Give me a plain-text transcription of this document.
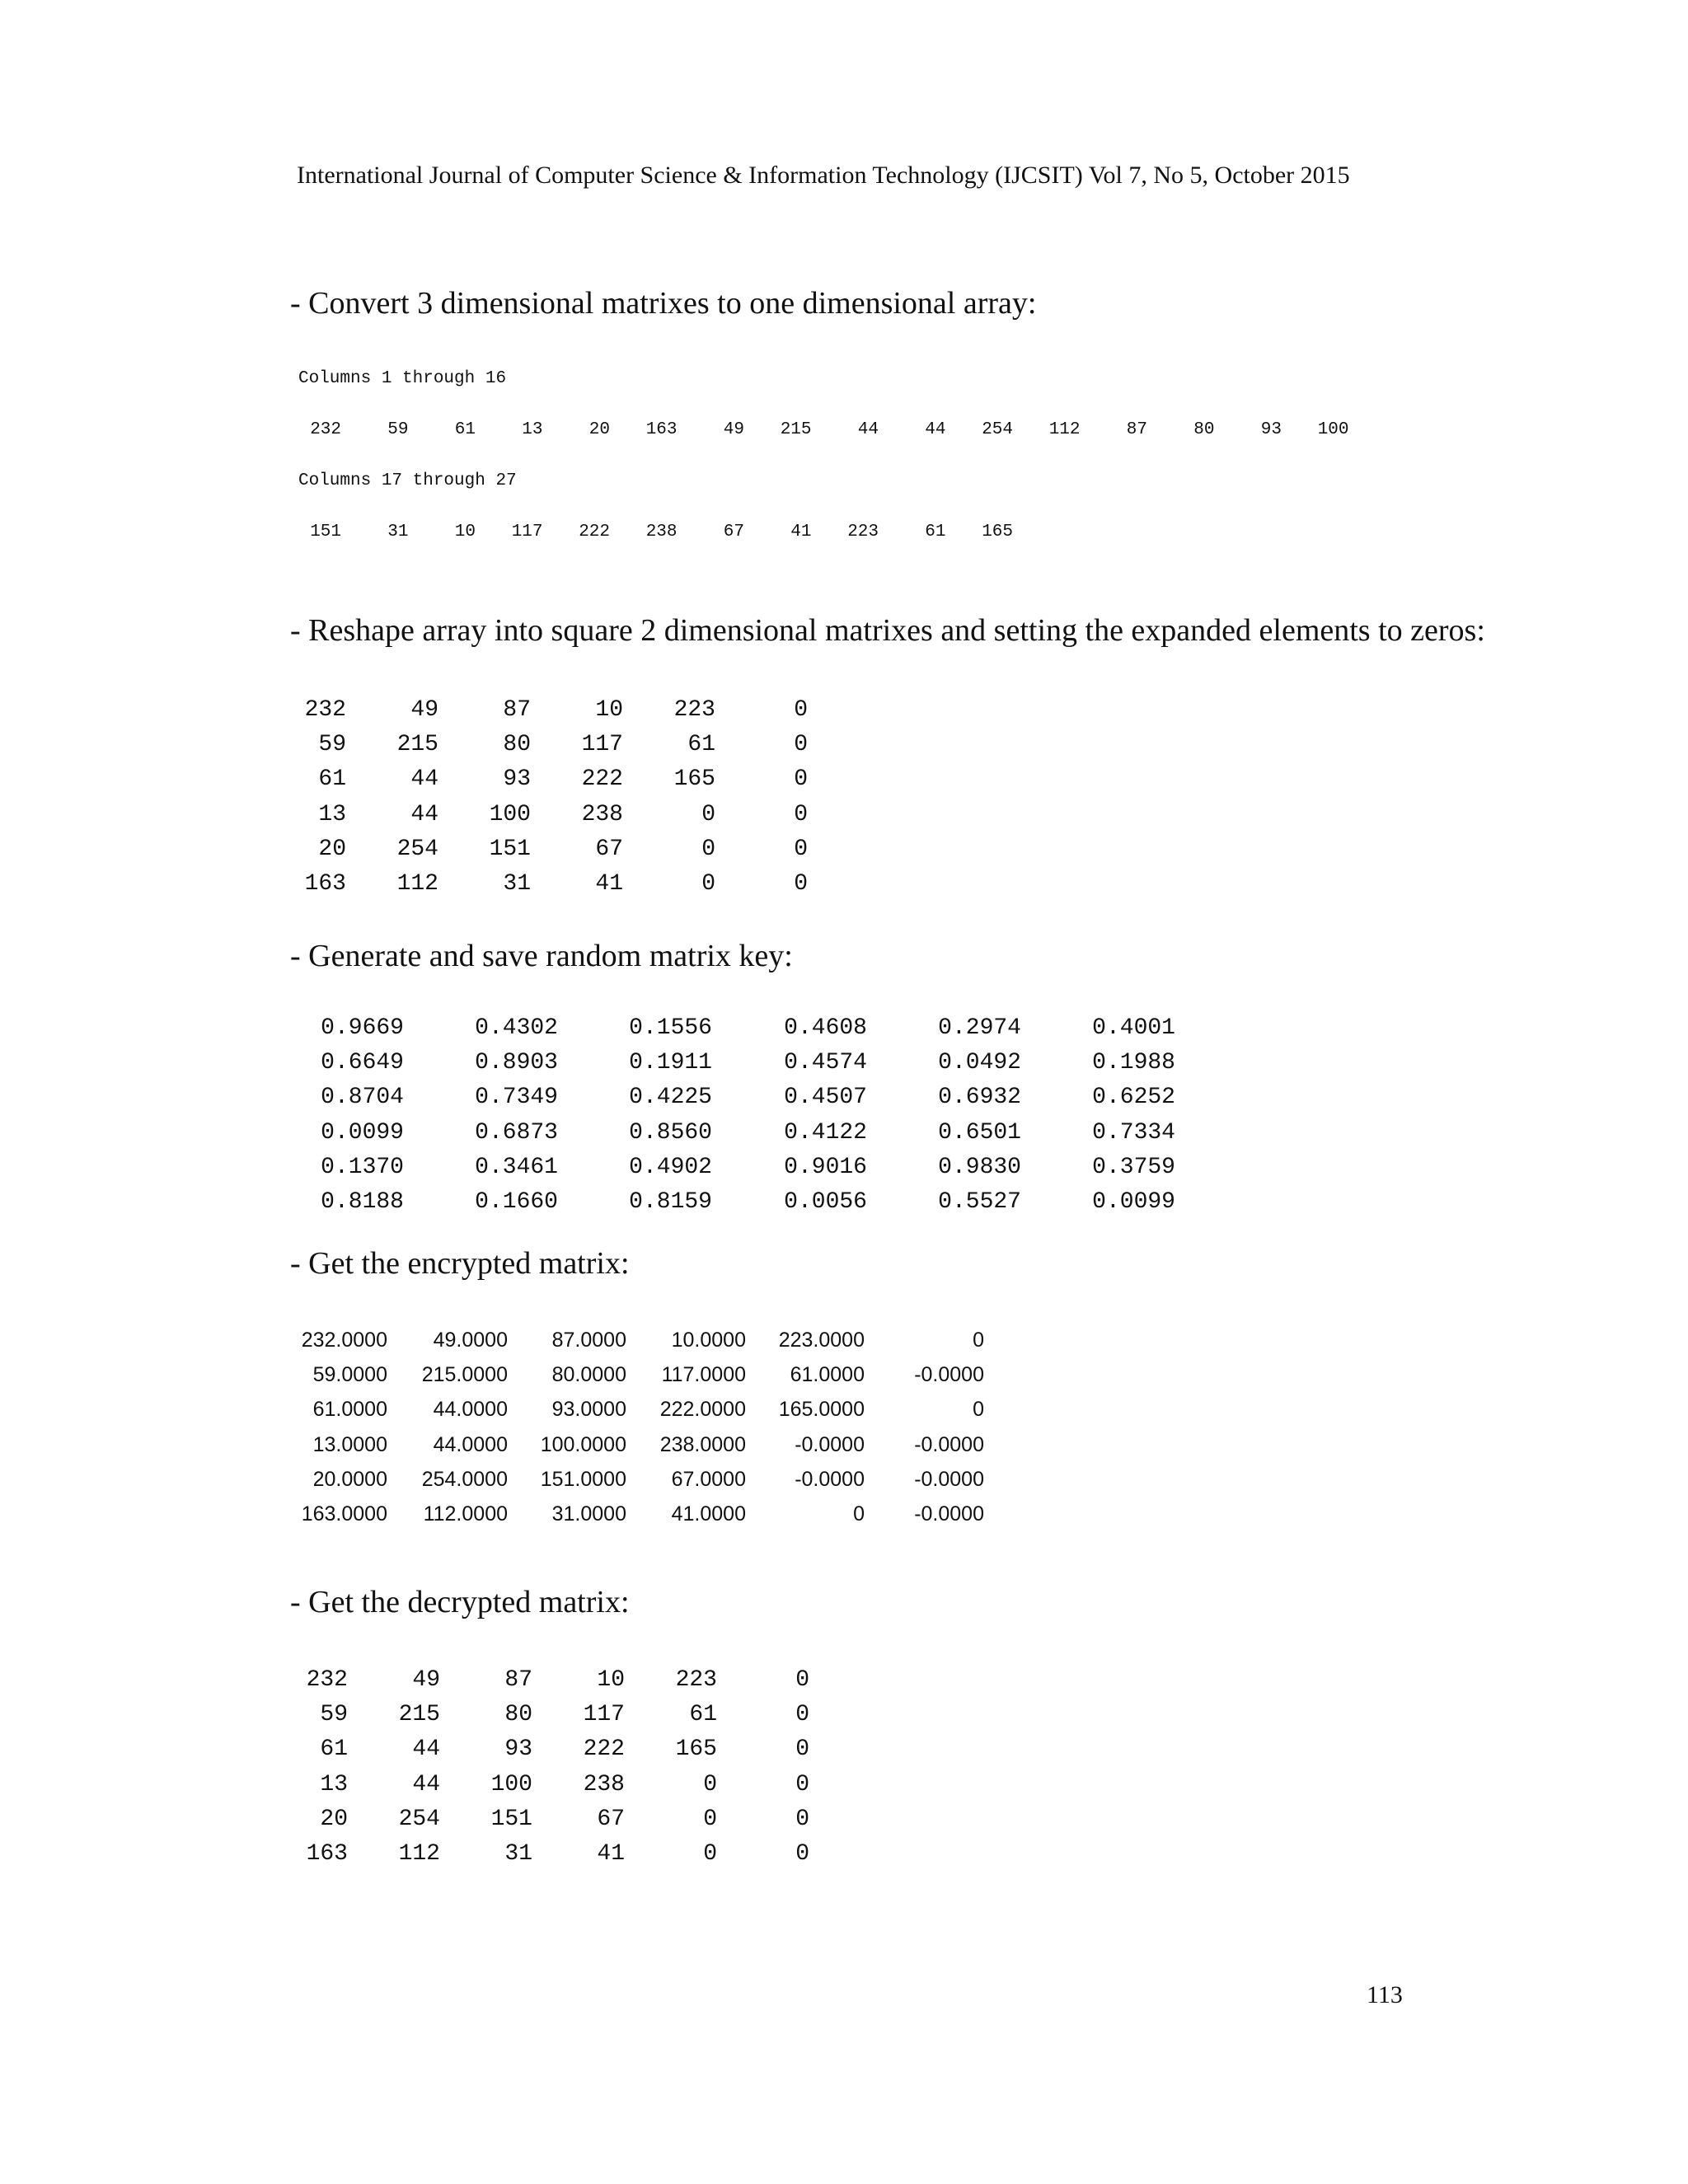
International Journal of Computer Science & Information Technology (IJCSIT) Vol 7, No 5, October 2015
- Convert 3 dimensional matrixes to one dimensional array:
Columns 1 through 16
232	59	61	13	20	163	49	215	44	44	254	112	87	80	93	100
Columns 17 through 27
151	31	10	117	222	238	67	41	223	61	165
- Reshape array into square 2 dimensional matrixes and setting the expanded elements to zeros:
232	49	87	10	223	0
59	215	80	117	61	0
61	44	93	222	165	0
13	44	100	238	0	0
20	254	151	67	0	0
163	112	31	41	0	0
- Generate and save random matrix key:
0.9669	0.4302	0.1556	0.4608	0.2974	0.4001
0.6649	0.8903	0.1911	0.4574	0.0492	0.1988
0.8704	0.7349	0.4225	0.4507	0.6932	0.6252
0.0099	0.6873	0.8560	0.4122	0.6501	0.7334
0.1370	0.3461	0.4902	0.9016	0.9830	0.3759
0.8188	0.1660	0.8159	0.0056	0.5527	0.0099
- Get the encrypted matrix:
232.0000	49.0000	87.0000	10.0000	223.0000	0
59.0000	215.0000	80.0000	117.0000	61.0000	-0.0000
61.0000	44.0000	93.0000	222.0000	165.0000	0
13.0000	44.0000	100.0000	238.0000	-0.0000	-0.0000
20.0000	254.0000	151.0000	67.0000	-0.0000	-0.0000
163.0000	112.0000	31.0000	41.0000	0	-0.0000
- Get the decrypted matrix:
232	49	87	10	223	0
59	215	80	117	61	0
61	44	93	222	165	0
13	44	100	238	0	0
20	254	151	67	0	0
163	112	31	41	0	0
113
